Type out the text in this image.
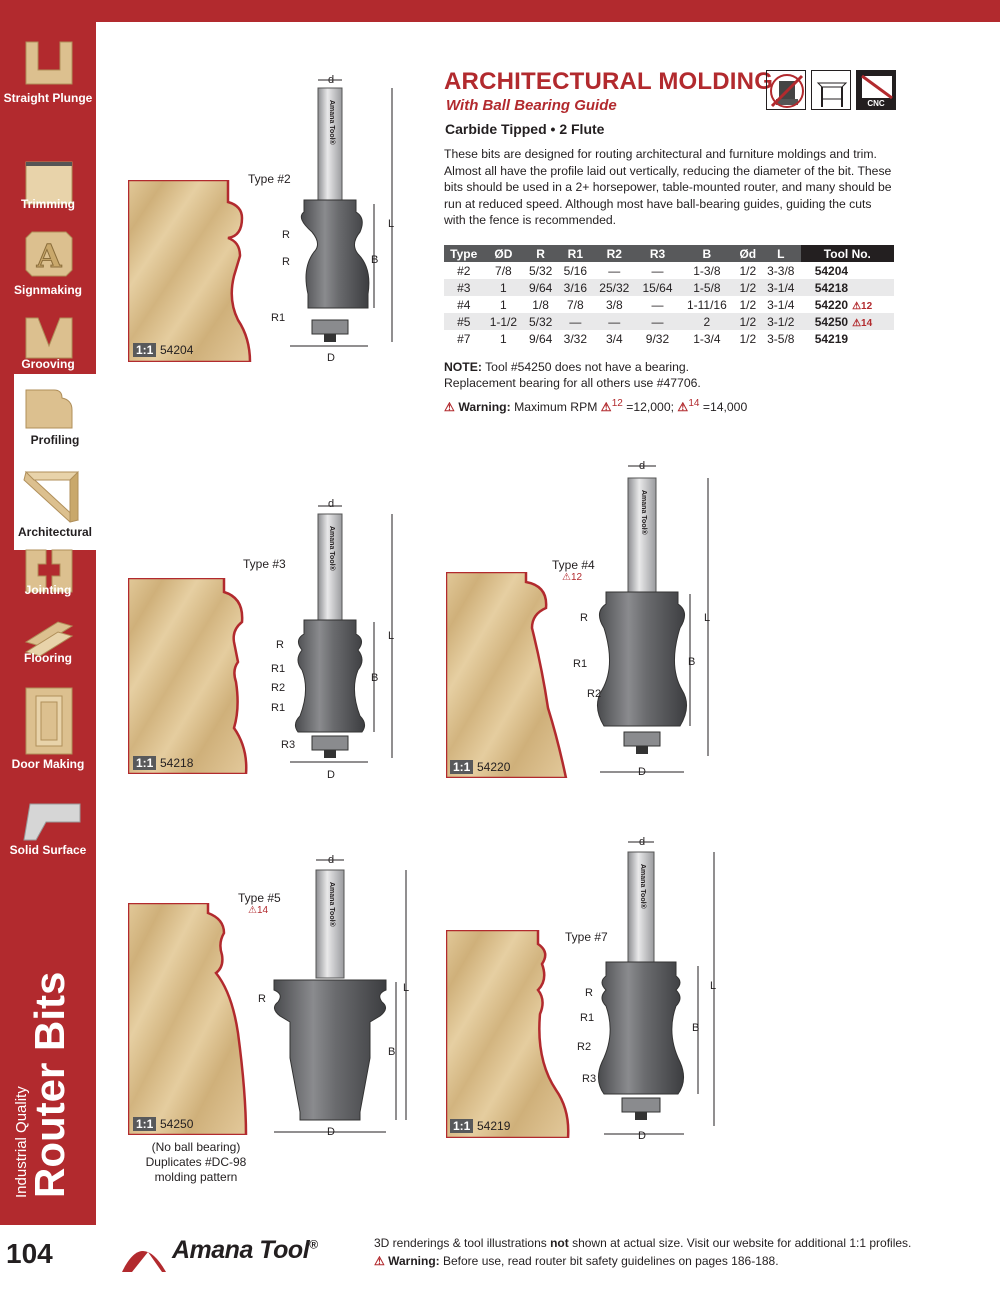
Straight Plunge
Trimming
A
Signmaking
Grooving
Profiling
Architectural
Jointing
Flooring
Door Making
Solid Surface
Industrial Quality
Router Bits
104
ARCHITECTURAL MOLDING
With Ball Bearing Guide
Carbide Tipped • 2 Flute
CNC
These bits are designed for routing architectural and furniture moldings and trim. Almost all have the profile laid out vertically, reducing the diameter of the bit. These bits should be used in a 2+ horsepower, table-mounted router, and many should be run at reduced speed. Although most have ball-bearing guides, guiding the cuts with the fence is recommended.
Type	ØD	R	R1	R2	R3	B	Ød	L	Tool No.
#2	7/8	5/32	5/16	—	—	1-3/8	1/2	3-3/8	54204
#3	1	9/64	3/16	25/32	15/64	1-5/8	1/2	3-1/4	54218
#4	1	1/8	7/8	3/8	—	1-11/16	1/2	3-1/4	54220 ⚠12
#5	1-1/2	5/32	—	—	—	2	1/2	3-1/2	54250 ⚠14
#7	1	9/64	3/32	3/4	9/32	1-3/4	1/2	3-5/8	54219
NOTE: Tool #54250 does not have a bearing.
Replacement bearing for all others use #47706.
⚠ Warning: Maximum RPM ⚠$^{12}$ =12,000; ⚠$^{14}$ =14,000
1:1 54204
Type #2
Amana Tool®
d
D
L
B
R
R
R1
1:1 54218
Type #3	Amana Tool®
d
D
L
B
R
R1
R2
R1
R3
1:1 54220
Type #4
⚠12
Amana Tool®
d
D
L
B
R
R1
R2
1:1 54250
Type #5
⚠14
(No ball bearing)
Duplicates #DC-98
molding pattern
Amana Tool®
d
D
L
B
R
1:1 54219
Type #7
Amana Tool®
d
D
L
B
R
R1
R2
R3
Amana Tool®	3D renderings & tool illustrations not shown at actual size. Visit our website for additional 1:1 profiles.
⚠ Warning: Before use, read router bit safety guidelines on pages 186-188.
